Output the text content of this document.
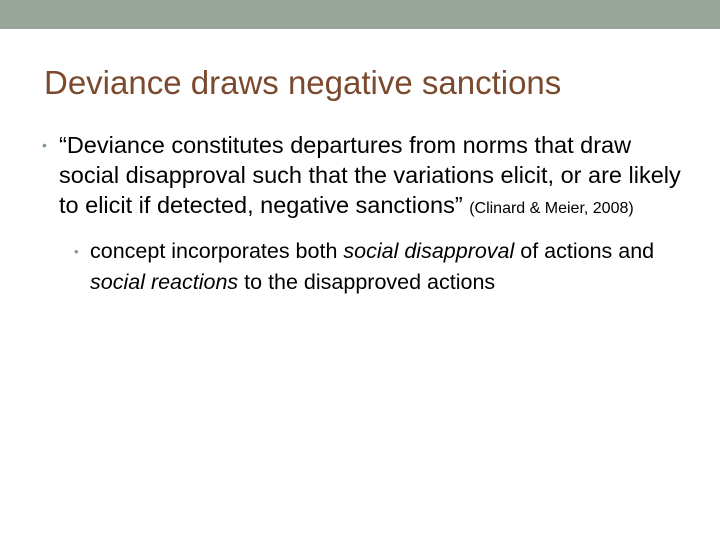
Deviance draws negative sanctions
• “Deviance constitutes departures from norms that draw social disapproval such that the variations elicit, or are likely to elicit if detected, negative sanctions” (Clinard & Meier, 2008)
• concept incorporates both social disapproval of actions and social reactions to the disapproved actions
